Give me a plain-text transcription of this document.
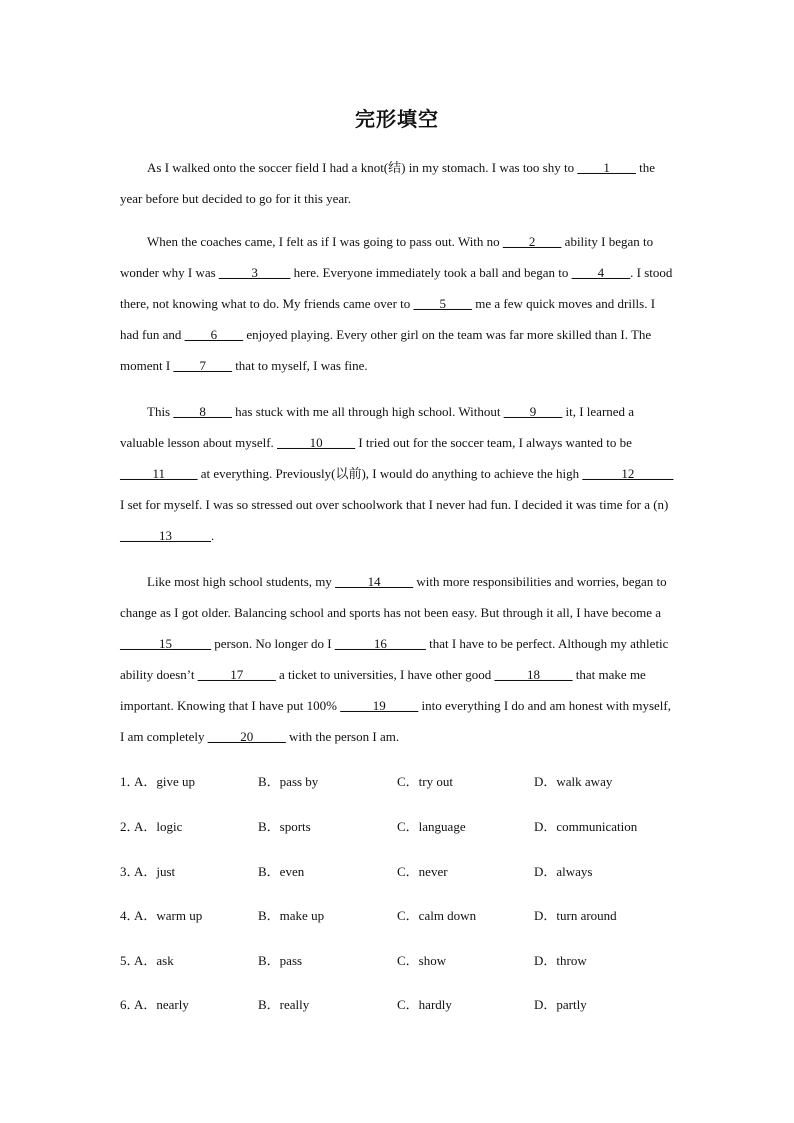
完形填空

As I walked onto the soccer field I had a knot(结) in my stomach. I was too shy to ____1____ the year before but decided to go for it this year.

When the coaches came, I felt as if I was going to pass out. With no ____2____ ability I began to wonder why I was _____3_____ here. Everyone immediately took a ball and began to ____4____. I stood there, not knowing what to do. My friends came over to ____5____ me a few quick moves and drills. I had fun and ____6____ enjoyed playing. Every other girl on the team was far more skilled than I. The moment I ____7____ that to myself, I was fine.

This ____8____ has stuck with me all through high school. Without ____9____ it, I learned a valuable lesson about myself. _____10_____ I tried out for the soccer team, I always wanted to be _____11_____ at everything. Previously(以前), I would do anything to achieve the high ______12______ I set for myself. I was so stressed out over schoolwork that I never had fun. I decided it was time for a (n) ______13______.

Like most high school students, my _____14_____ with more responsibilities and worries, began to change as I got older. Balancing school and sports has not been easy. But through it all, I have become a ______15______ person. No longer do I ______16______ that I have to be perfect. Although my athletic ability doesn’t _____17_____ a ticket to universities, I have other good _____18_____ that make me important. Knowing that I have put 100% _____19_____ into everything I do and am honest with myself, I am completely _____20_____ with the person I am.

1．
A．give up	B．pass by	C．try out	D．walk away
2．
A．logic	B．sports	C．language	D．communication
3．
A．just	B．even	C．never	D．always
4．
A．warm up	B．make up	C．calm down	D．turn around
5．
A．ask	B．pass	C．show	D．throw
6．
A．nearly	B．really	C．hardly	D．partly
